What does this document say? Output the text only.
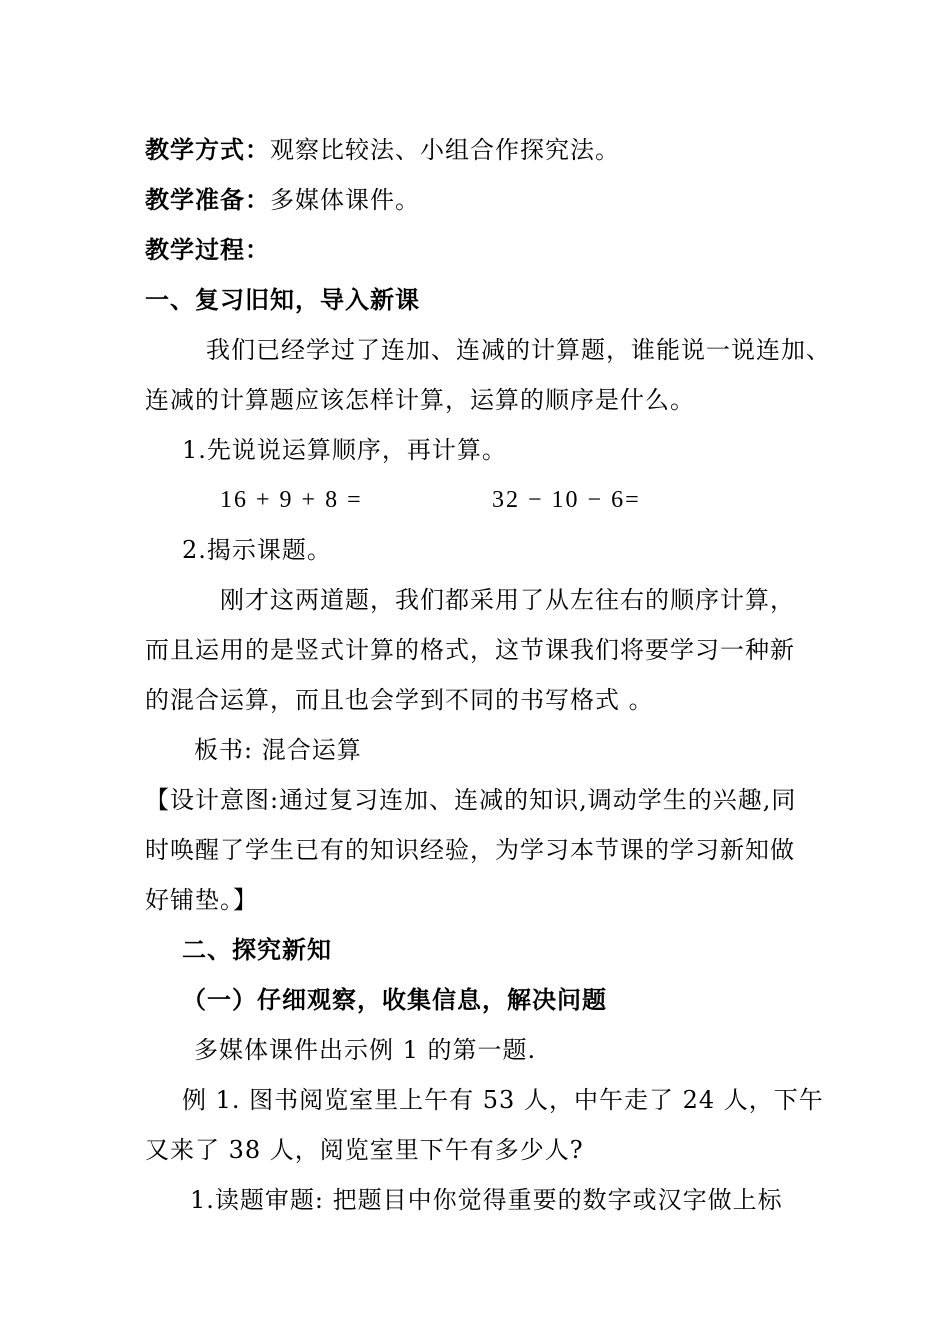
教学方式：观察比较法、小组合作探究法。
教学准备：多媒体课件。
教学过程：
一、复习旧知，导入新课
我们已经学过了连加、连减的计算题，谁能说一说连加、
连减的计算题应该怎样计算，运算的顺序是什么。
1.先说说运算顺序，再计算。
16 + 9 + 8 =	32 − 10 − 6=
2.揭示课题。
刚才这两道题，我们都采用了从左往右的顺序计算，
而且运用的是竖式计算的格式，这节课我们将要学习一种新
的混合运算，而且也会学到不同的书写格式 。
板书: 混合运算
【设计意图:通过复习连加、连减的知识,调动学生的兴趣,同
时唤醒了学生已有的知识经验，为学习本节课的学习新知做
好铺垫。】
二、探究新知
（一）仔细观察，收集信息，解决问题
多媒体课件出示例 1 的第一题.
例 1. 图书阅览室里上午有 53 人，中午走了 24 人，下午
又来了 38 人，阅览室里下午有多少人?
1.读题审题: 把题目中你觉得重要的数字或汉字做上标
